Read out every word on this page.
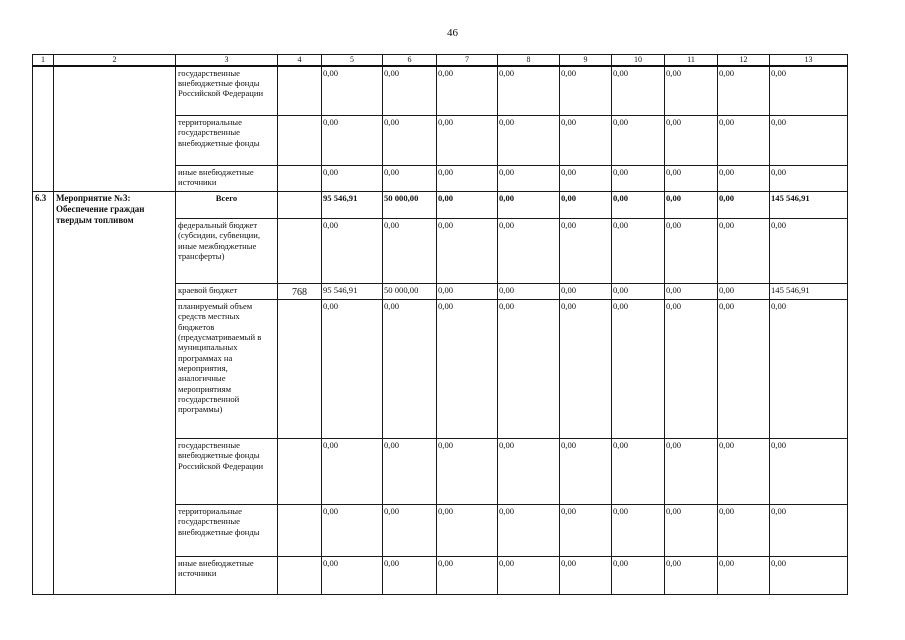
46
1	2	3	4	5	6	7	8	9	10	11	12	13
		государственные внебюджетные фонды Российской Федерации		0,00	0,00	0,00	0,00	0,00	0,00	0,00	0,00	0,00
		территориальные государственные внебюджетные фонды		0,00	0,00	0,00	0,00	0,00	0,00	0,00	0,00	0,00
		иные внебюджетные источники		0,00	0,00	0,00	0,00	0,00	0,00	0,00	0,00	0,00
6.3	Мероприятие №3: Обеспечение граждан твердым топливом	Всего		95 546,91	50 000,00	0,00	0,00	0,00	0,00	0,00	0,00	145 546,91
		федеральный бюджет (субсидии, субвенции, иные межбюджетные трансферты)		0,00	0,00	0,00	0,00	0,00	0,00	0,00	0,00	0,00
		краевой бюджет	768	95 546,91	50 000,00	0,00	0,00	0,00	0,00	0,00	0,00	145 546,91
		планируемый объем средств местных бюджетов (предусматриваемый в муниципальных программах на мероприятия, аналогичные мероприятиям государственной программы)		0,00	0,00	0,00	0,00	0,00	0,00	0,00	0,00	0,00
		государственные внебюджетные фонды Российской Федерации		0,00	0,00	0,00	0,00	0,00	0,00	0,00	0,00	0,00
		территориальные государственные внебюджетные фонды		0,00	0,00	0,00	0,00	0,00	0,00	0,00	0,00	0,00
		иные внебюджетные источники		0,00	0,00	0,00	0,00	0,00	0,00	0,00	0,00	0,00
